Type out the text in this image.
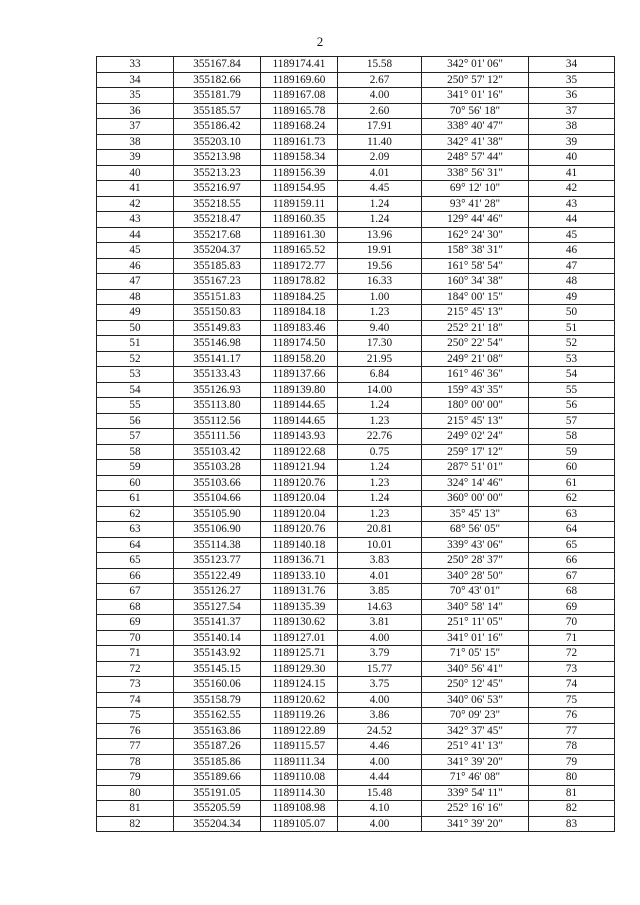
2
33	355167.84	1189174.41	15.58	342° 01' 06"	34
34	355182.66	1189169.60	2.67	250° 57' 12"	35
35	355181.79	1189167.08	4.00	341° 01' 16"	36
36	355185.57	1189165.78	2.60	70° 56' 18"	37
37	355186.42	1189168.24	17.91	338° 40' 47"	38
38	355203.10	1189161.73	11.40	342° 41' 38"	39
39	355213.98	1189158.34	2.09	248° 57' 44"	40
40	355213.23	1189156.39	4.01	338° 56' 31"	41
41	355216.97	1189154.95	4.45	69° 12' 10"	42
42	355218.55	1189159.11	1.24	93° 41' 28"	43
43	355218.47	1189160.35	1.24	129° 44' 46"	44
44	355217.68	1189161.30	13.96	162° 24' 30"	45
45	355204.37	1189165.52	19.91	158° 38' 31"	46
46	355185.83	1189172.77	19.56	161° 58' 54"	47
47	355167.23	1189178.82	16.33	160° 34' 38"	48
48	355151.83	1189184.25	1.00	184° 00' 15"	49
49	355150.83	1189184.18	1.23	215° 45' 13"	50
50	355149.83	1189183.46	9.40	252° 21' 18"	51
51	355146.98	1189174.50	17.30	250° 22' 54"	52
52	355141.17	1189158.20	21.95	249° 21' 08"	53
53	355133.43	1189137.66	6.84	161° 46' 36"	54
54	355126.93	1189139.80	14.00	159° 43' 35"	55
55	355113.80	1189144.65	1.24	180° 00' 00"	56
56	355112.56	1189144.65	1.23	215° 45' 13"	57
57	355111.56	1189143.93	22.76	249° 02' 24"	58
58	355103.42	1189122.68	0.75	259° 17' 12"	59
59	355103.28	1189121.94	1.24	287° 51' 01"	60
60	355103.66	1189120.76	1.23	324° 14' 46"	61
61	355104.66	1189120.04	1.24	360° 00' 00"	62
62	355105.90	1189120.04	1.23	35° 45' 13"	63
63	355106.90	1189120.76	20.81	68° 56' 05"	64
64	355114.38	1189140.18	10.01	339° 43' 06"	65
65	355123.77	1189136.71	3.83	250° 28' 37"	66
66	355122.49	1189133.10	4.01	340° 28' 50"	67
67	355126.27	1189131.76	3.85	70° 43' 01"	68
68	355127.54	1189135.39	14.63	340° 58' 14"	69
69	355141.37	1189130.62	3.81	251° 11' 05"	70
70	355140.14	1189127.01	4.00	341° 01' 16"	71
71	355143.92	1189125.71	3.79	71° 05' 15"	72
72	355145.15	1189129.30	15.77	340° 56' 41"	73
73	355160.06	1189124.15	3.75	250° 12' 45"	74
74	355158.79	1189120.62	4.00	340° 06' 53"	75
75	355162.55	1189119.26	3.86	70° 09' 23"	76
76	355163.86	1189122.89	24.52	342° 37' 45"	77
77	355187.26	1189115.57	4.46	251° 41' 13"	78
78	355185.86	1189111.34	4.00	341° 39' 20"	79
79	355189.66	1189110.08	4.44	71° 46' 08"	80
80	355191.05	1189114.30	15.48	339° 54' 11"	81
81	355205.59	1189108.98	4.10	252° 16' 16"	82
82	355204.34	1189105.07	4.00	341° 39' 20"	83
